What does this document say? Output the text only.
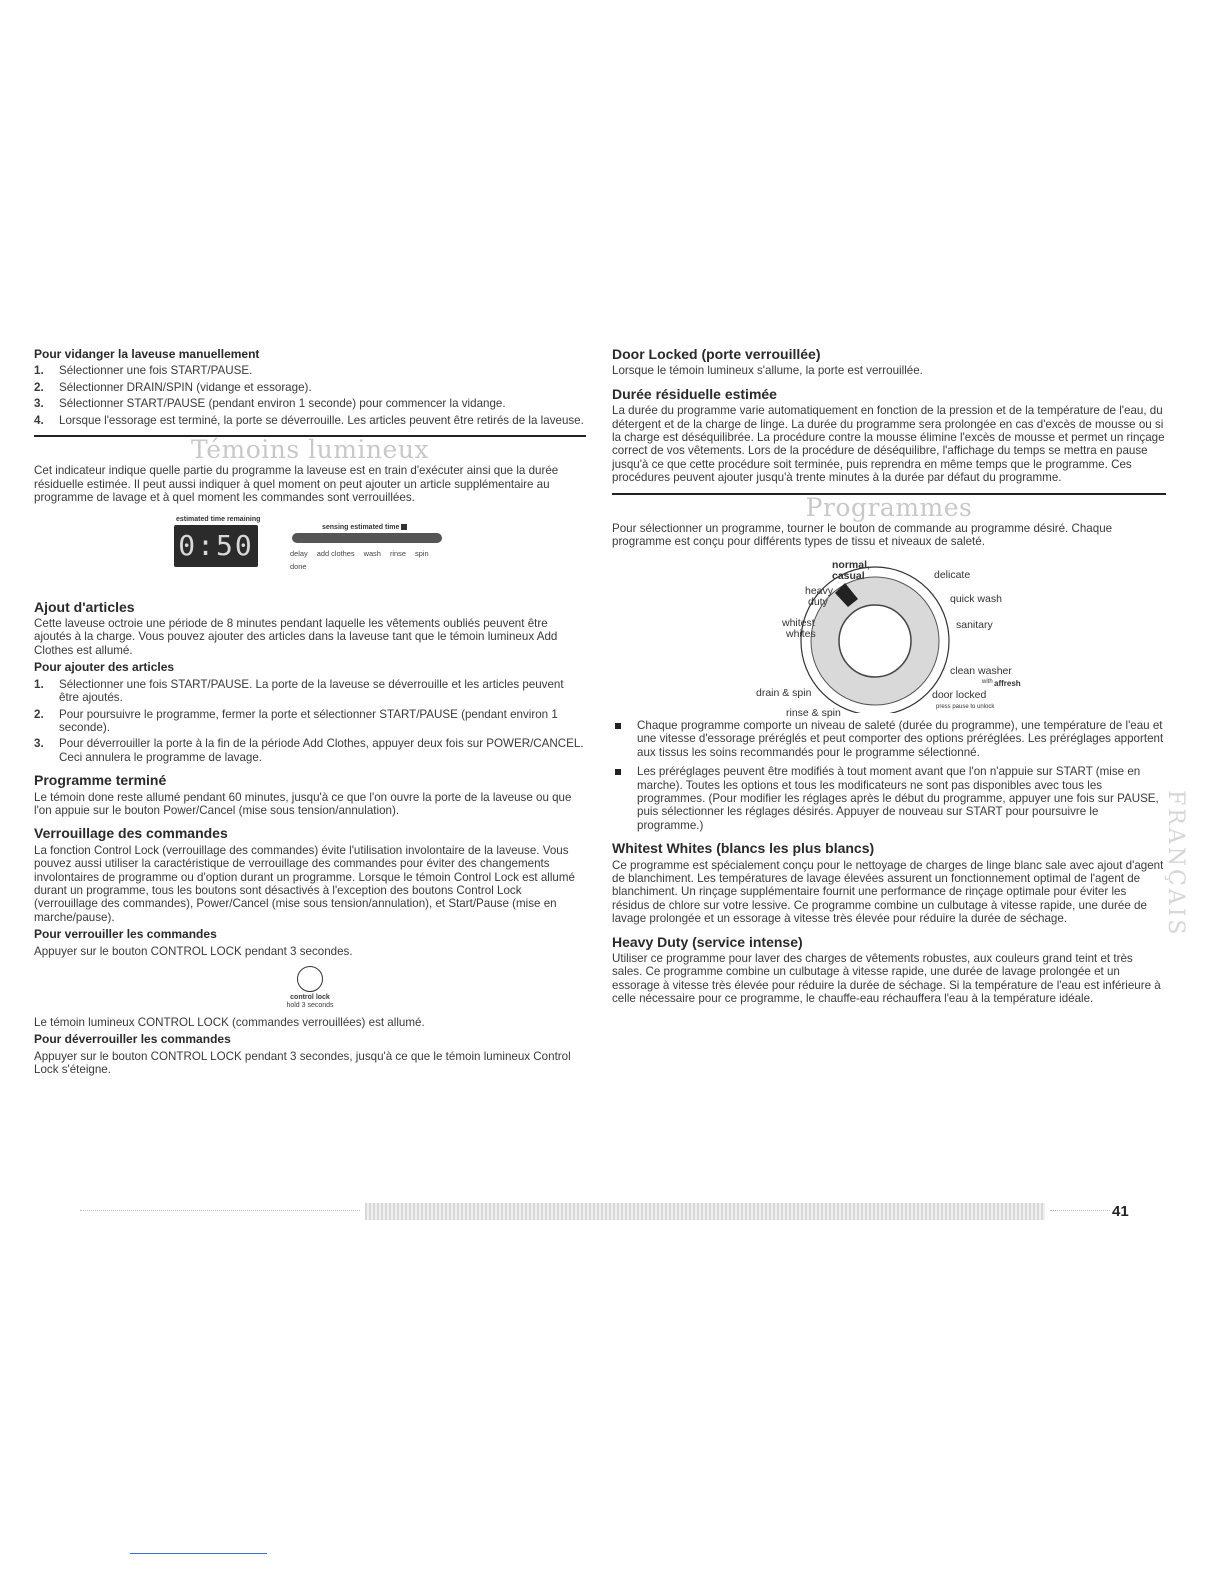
Pour vidanger la laveuse manuellement
1. Sélectionner une fois START/PAUSE.
2. Sélectionner DRAIN/SPIN (vidange et essorage).
3. Sélectionner START/PAUSE (pendant environ 1 seconde) pour commencer la vidange.
4. Lorsque l'essorage est terminé, la porte se déverrouille. Les articles peuvent être retirés de la laveuse.
Témoins lumineux

Cet indicateur indique quelle partie du programme la laveuse est en train d'exécuter ainsi que la durée résiduelle estimée. Il peut aussi indiquer à quel moment on peut ajouter un article supplémentaire au programme de lavage et à quel moment les commandes sont verrouillées.

estimated time remaining
0:50
sensing estimated time
delay add clothes wash rinse spin done
Ajout d'articles

Cette laveuse octroie une période de 8 minutes pendant laquelle les vêtements oubliés peuvent être ajoutés à la charge. Vous pouvez ajouter des articles dans la laveuse tant que le témoin lumineux Add Clothes est allumé.

Pour ajouter des articles
1. Sélectionner une fois START/PAUSE. La porte de la laveuse se déverrouille et les articles peuvent être ajoutés.
2. Pour poursuivre le programme, fermer la porte et sélectionner START/PAUSE (pendant environ 1 seconde).
3. Pour déverrouiller la porte à la fin de la période Add Clothes, appuyer deux fois sur POWER/CANCEL. Ceci annulera le programme de lavage.
Programme terminé

Le témoin done reste allumé pendant 60 minutes, jusqu'à ce que l'on ouvre la porte de la laveuse ou que l'on appuie sur le bouton Power/Cancel (mise sous tension/annulation).

Verrouillage des commandes

La fonction Control Lock (verrouillage des commandes) évite l'utilisation involontaire de la laveuse. Vous pouvez aussi utiliser la caractéristique de verrouillage des commandes pour éviter des changements involontaires de programme ou d'option durant un programme. Lorsque le témoin Control Lock est allumé durant un programme, tous les boutons sont désactivés à l'exception des boutons Control Lock (verrouillage des commandes), Power/Cancel (mise sous tension/annulation), et Start/Pause (mise en marche/pause).

Pour verrouiller les commandes

Appuyer sur le bouton CONTROL LOCK pendant 3 secondes.

control lock
hold 3 seconds

Le témoin lumineux CONTROL LOCK (commandes verrouillées) est allumé.

Pour déverrouiller les commandes

Appuyer sur le bouton CONTROL LOCK pendant 3 secondes, jusqu'à ce que le témoin lumineux Control Lock s'éteigne.

Door Locked (porte verrouillée)

Lorsque le témoin lumineux s'allume, la porte est verrouillée.

Durée résiduelle estimée

La durée du programme varie automatiquement en fonction de la pression et de la température de l'eau, du détergent et de la charge de linge. La durée du programme sera prolongée en cas d'excès de mousse ou si la charge est déséquilibrée. La procédure contre la mousse élimine l'excès de mousse et permet un rinçage correct de vos vêtements. Lors de la procédure de déséquilibre, l'affichage du temps se mettra en pause jusqu'à ce que cette procédure soit terminée, puis reprendra en même temps que le programme. Ces procédures peuvent ajouter jusqu'à trente minutes à la durée par défaut du programme.

Programmes

Pour sélectionner un programme, tourner le bouton de commande au programme désiré. Chaque programme est conçu pour différents types de tissu et niveaux de saleté.

normal,
casual
heavy
duty
whitest
whites
drain & spin
rinse & spin
delicate
quick wash
sanitary
clean washer
with affresh
door locked
press pause to unlock
Chaque programme comporte un niveau de saleté (durée du programme), une température de l'eau et une vitesse d'essorage préréglés et peut comporter des options préréglées. Les préréglages apportent aux tissus les soins recommandés pour le programme sélectionné.
Les préréglages peuvent être modifiés à tout moment avant que l'on n'appuie sur START (mise en marche). Toutes les options et tous les modificateurs ne sont pas disponibles avec tous les programmes. (Pour modifier les réglages après le début du programme, appuyer une fois sur PAUSE, puis sélectionner les réglages désirés. Appuyer de nouveau sur START pour poursuivre le programme.)
Whitest Whites (blancs les plus blancs)

Ce programme est spécialement conçu pour le nettoyage de charges de linge blanc sale avec ajout d'agent de blanchiment. Les températures de lavage élevées assurent un fonctionnement optimal de l'agent de blanchiment. Un rinçage supplémentaire fournit une performance de rinçage optimale pour éviter les résidus de chlore sur votre lessive. Ce programme combine un culbutage à vitesse rapide, une durée de lavage prolongée et un essorage à vitesse très élevée pour réduire la durée de séchage.

Heavy Duty (service intense)

Utiliser ce programme pour laver des charges de vêtements robustes, aux couleurs grand teint et très sales. Ce programme combine un culbutage à vitesse rapide, une durée de lavage prolongée et un essorage à vitesse très élevée pour réduire la durée de séchage. Si la température de l'eau est inférieure à celle nécessaire pour ce programme, le chauffe-eau réchauffera l'eau à la température idéale.

FRANÇAIS
41
